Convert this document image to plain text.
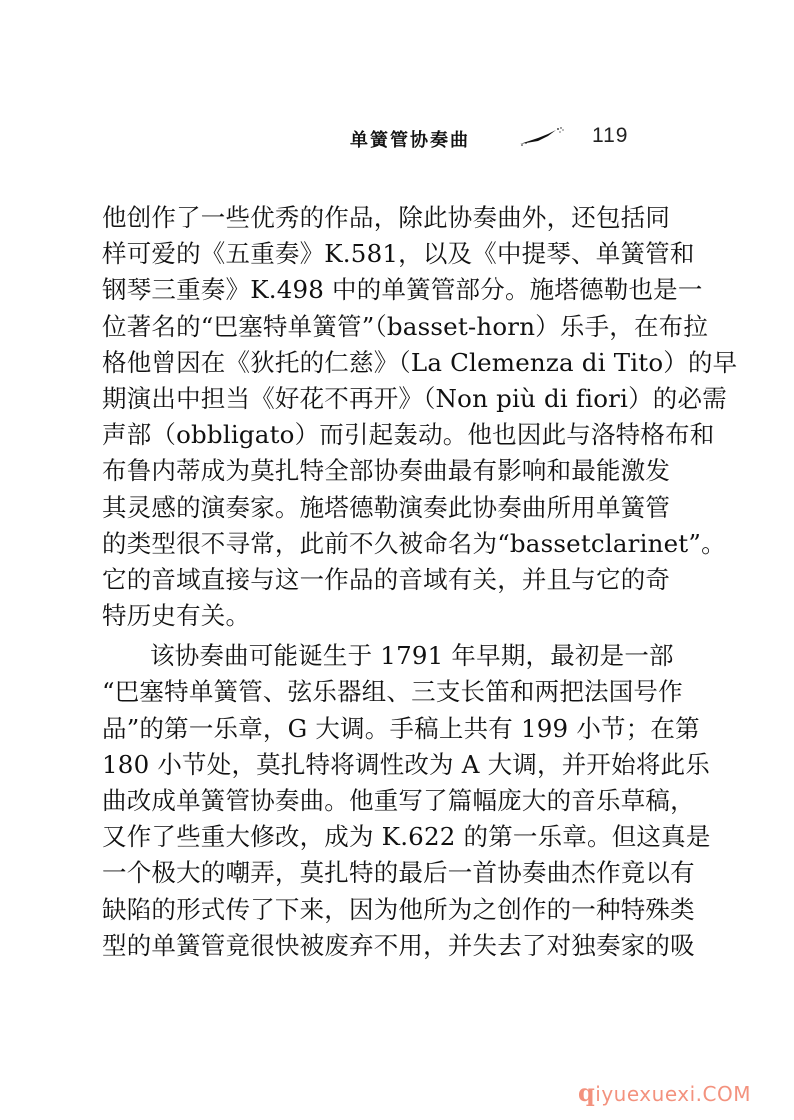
单簧管协奏曲	119
他创作了一些优秀的作品，除此协奏曲外，还包括同
样可爱的《五重奏》K.581，以及《中提琴、单簧管和
钢琴三重奏》K.498 中的单簧管部分。施塔德勒也是一
位著名的“巴塞特单簧管”（basset-horn）乐手，在布拉
格他曾因在《狄托的仁慈》（La Clemenza di Tito）的早
期演出中担当《好花不再开》（Non più di fiori）的必需
声部（obbligato）而引起轰动。他也因此与洛特格布和
布鲁内蒂成为莫扎特全部协奏曲最有影响和最能激发
其灵感的演奏家。施塔德勒演奏此协奏曲所用单簧管
的类型很不寻常，此前不久被命名为“bassetclarinet”。
它的音域直接与这一作品的音域有关，并且与它的奇
特历史有关。
该协奏曲可能诞生于 1791 年早期，最初是一部
“巴塞特单簧管、弦乐器组、三支长笛和两把法国号作
品”的第一乐章，G 大调。手稿上共有 199 小节；在第
180 小节处，莫扎特将调性改为 A 大调，并开始将此乐
曲改成单簧管协奏曲。他重写了篇幅庞大的音乐草稿，
又作了些重大修改，成为 K.622 的第一乐章。但这真是
一个极大的嘲弄，莫扎特的最后一首协奏曲杰作竟以有
缺陷的形式传了下来，因为他所为之创作的一种特殊类
型的单簧管竟很快被废弃不用，并失去了对独奏家的吸
qiyuexuexi.COM
